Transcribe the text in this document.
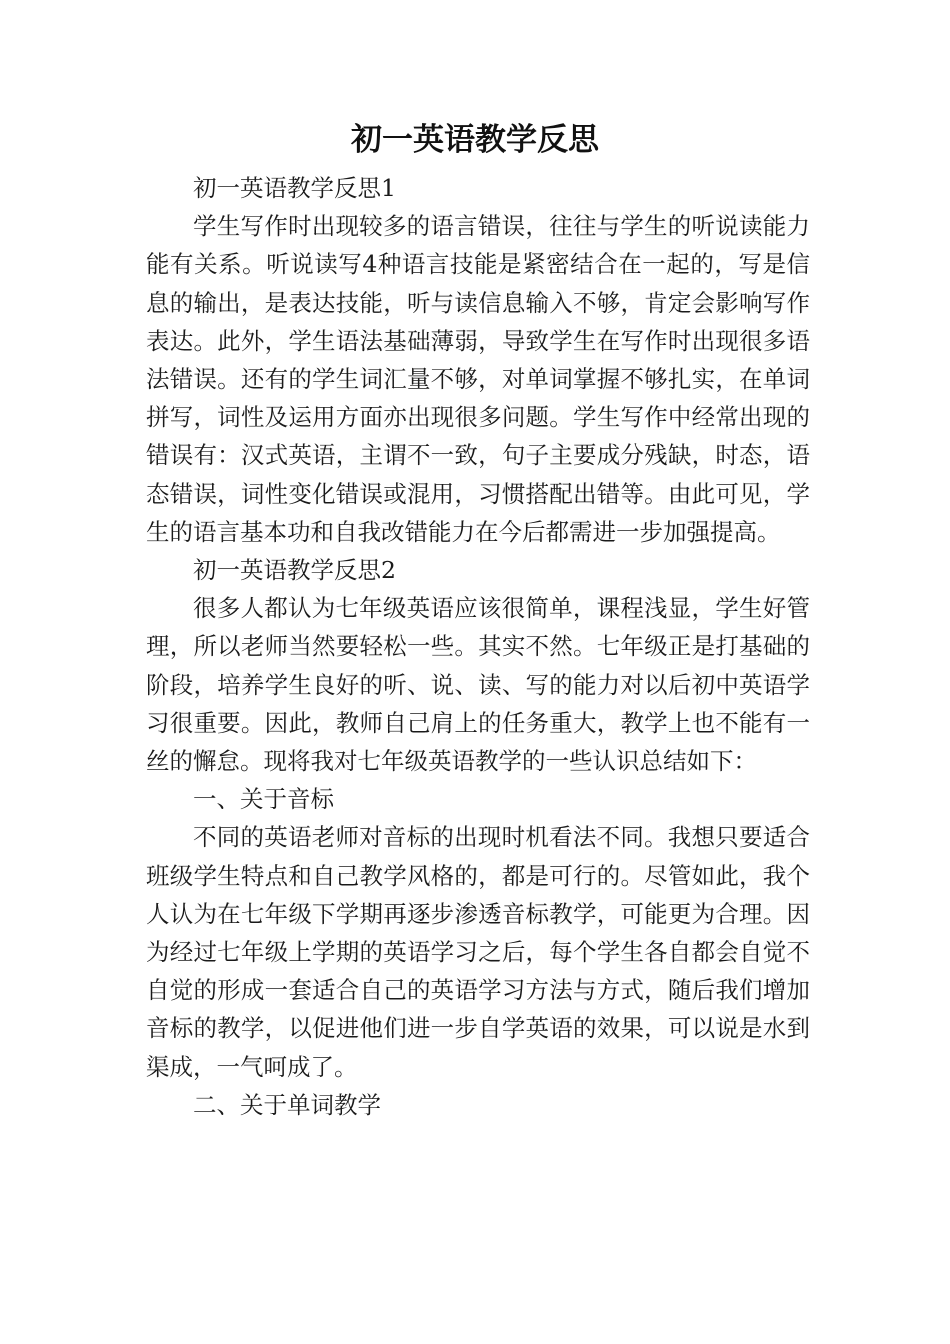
初一英语教学反思

初一英语教学反思1

学生写作时出现较多的语言错误，往往与学生的听说读能力能有关系。听说读写4种语言技能是紧密结合在一起的，写是信息的输出，是表达技能，听与读信息输入不够，肯定会影响写作表达。此外，学生语法基础薄弱，导致学生在写作时出现很多语法错误。还有的学生词汇量不够，对单词掌握不够扎实，在单词拼写，词性及运用方面亦出现很多问题。学生写作中经常出现的错误有：汉式英语，主谓不一致，句子主要成分残缺，时态，语态错误，词性变化错误或混用，习惯搭配出错等。由此可见，学生的语言基本功和自我改错能力在今后都需进一步加强提高。

初一英语教学反思2

很多人都认为七年级英语应该很简单，课程浅显，学生好管理，所以老师当然要轻松一些。其实不然。七年级正是打基础的阶段，培养学生良好的听、说、读、写的能力对以后初中英语学习很重要。因此，教师自己肩上的任务重大，教学上也不能有一丝的懈怠。现将我对七年级英语教学的一些认识总结如下：

一、关于音标

不同的英语老师对音标的出现时机看法不同。我想只要适合班级学生特点和自己教学风格的，都是可行的。尽管如此，我个人认为在七年级下学期再逐步渗透音标教学，可能更为合理。因为经过七年级上学期的英语学习之后，每个学生各自都会自觉不自觉的形成一套适合自己的英语学习方法与方式，随后我们增加音标的教学，以促进他们进一步自学英语的效果，可以说是水到渠成，一气呵成了。

二、关于单词教学
